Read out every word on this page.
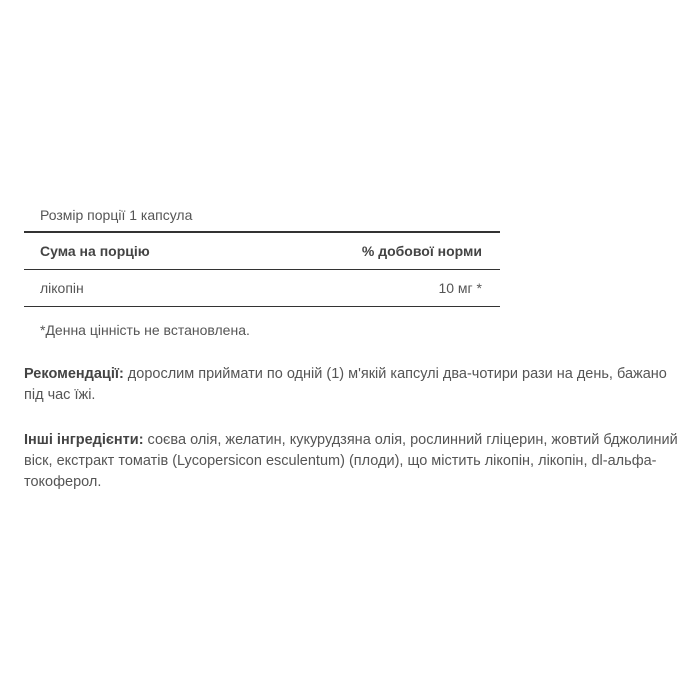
Розмір порції 1 капсула
Сума на порцію	% добової норми
лікопін	10 мг *
*Денна цінність не встановлена.

Рекомендації: дорослим приймати по одній (1) м'якій капсулі два-чотири рази на день, бажано під час їжі.

Інші інгредієнти: соєва олія, желатин, кукурудзяна олія, рослинний гліцерин, жовтий бджолиний віск, екстракт томатів (Lycopersicon esculentum) (плоди), що містить лікопін, лікопін, dl-альфа-токоферол.
